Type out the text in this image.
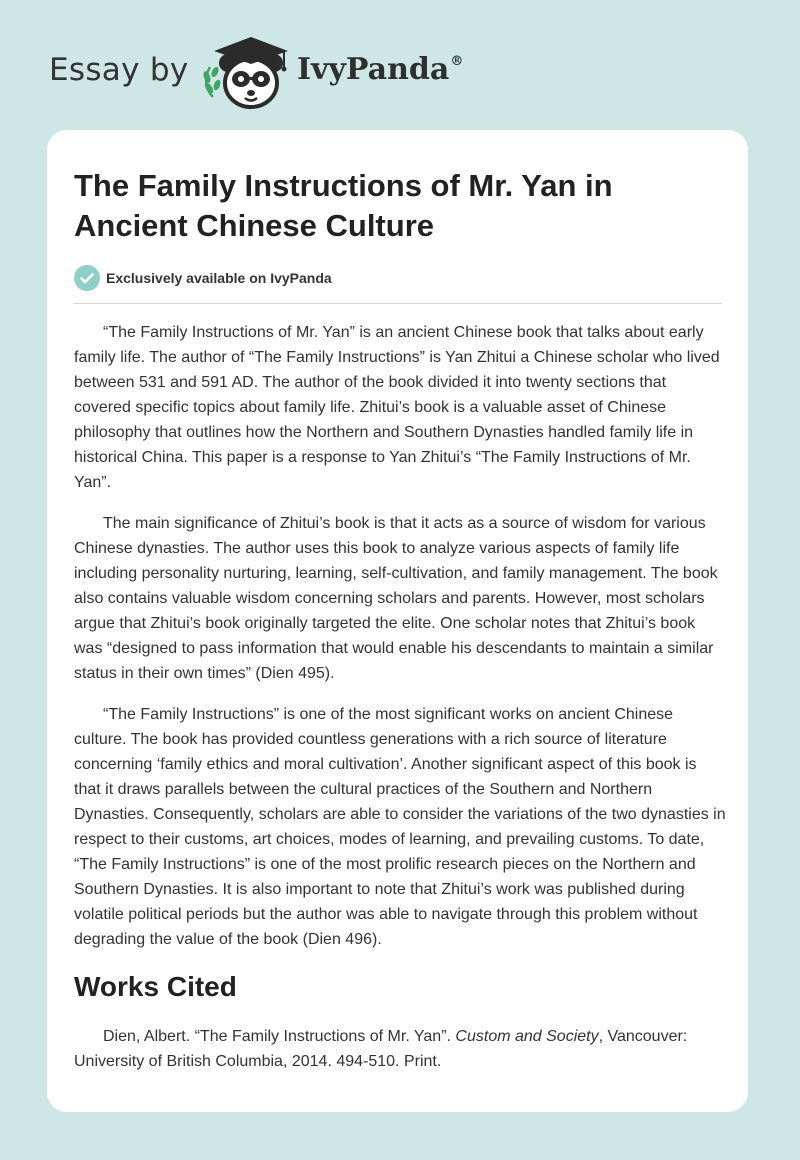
Essay by	IvyPanda®
The Family Instructions of Mr. Yan in Ancient Chinese Culture
Exclusively available on IvyPanda

“The Family Instructions of Mr. Yan” is an ancient Chinese book that talks about early family life. The author of “The Family Instructions” is Yan Zhitui a Chinese scholar who lived between 531 and 591 AD. The author of the book divided it into twenty sections that covered specific topics about family life. Zhitui’s book is a valuable asset of Chinese philosophy that outlines how the Northern and Southern Dynasties handled family life in historical China. This paper is a response to Yan Zhitui’s “The Family Instructions of Mr. Yan”.

The main significance of Zhitui’s book is that it acts as a source of wisdom for various Chinese dynasties. The author uses this book to analyze various aspects of family life including personality nurturing, learning, self-cultivation, and family management. The book also contains valuable wisdom concerning scholars and parents. However, most scholars argue that Zhitui’s book originally targeted the elite. One scholar notes that Zhitui’s book was “designed to pass information that would enable his descendants to maintain a similar status in their own times” (Dien 495).

“The Family Instructions” is one of the most significant works on ancient Chinese culture. The book has provided countless generations with a rich source of literature concerning ‘family ethics and moral cultivation’. Another significant aspect of this book is that it draws parallels between the cultural practices of the Southern and Northern Dynasties. Consequently, scholars are able to consider the variations of the two dynasties in respect to their customs, art choices, modes of learning, and prevailing customs. To date, “The Family Instructions” is one of the most prolific research pieces on the Northern and Southern Dynasties. It is also important to note that Zhitui’s work was published during volatile political periods but the author was able to navigate through this problem without degrading the value of the book (Dien 496).

Works Cited

Dien, Albert. “The Family Instructions of Mr. Yan”. Custom and Society, Vancouver: University of British Columbia, 2014. 494-510. Print.
